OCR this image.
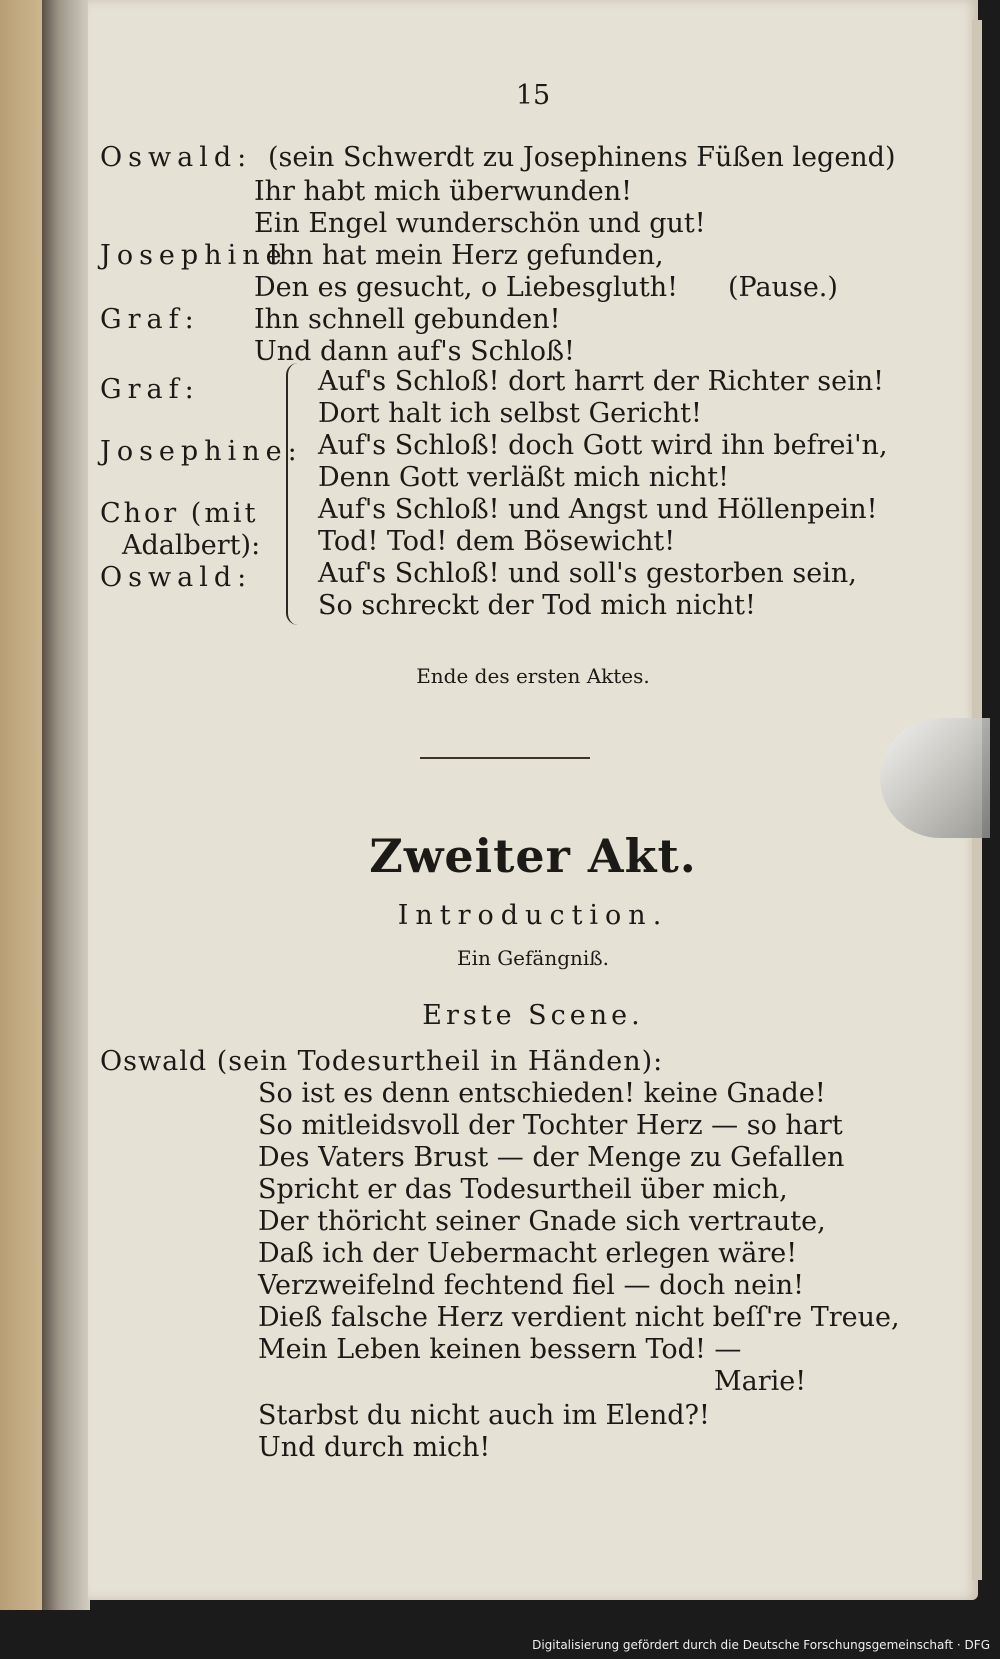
15
Oswald: (sein Schwerdt zu Josephinens Füßen legend)
Ihr habt mich überwunden!
Ein Engel wunderschön und gut!
Josephine:
Ihn hat mein Herz gefunden,
Den es gesucht, o Liebesgluth! (Pause.)
Graf: Ihn schnell gebunden!
Und dann auf's Schloß!
Graf:
Josephine:
Chor (mit
Adalbert):
Oswald:
Auf's Schloß! dort harrt der Richter sein!
Dort halt ich selbst Gericht!
Auf's Schloß! doch Gott wird ihn befrei'n,
Denn Gott verläßt mich nicht!
Auf's Schloß! und Angst und Höllenpein!
Tod! Tod! dem Bösewicht!
Auf's Schloß! und soll's gestorben sein,
So schreckt der Tod mich nicht!
Ende des ersten Aktes.
Zweiter Akt.
Introduction.
Ein Gefängniß.
Erste Scene.
Oswald (sein Todesurtheil in Händen):
So ist es denn entschieden! keine Gnade!
So mitleidsvoll der Tochter Herz — so hart
Des Vaters Brust — der Menge zu Gefallen
Spricht er das Todesurtheil über mich,
Der thöricht seiner Gnade sich vertraute,
Daß ich der Uebermacht erlegen wäre!
Verzweifelnd fechtend fiel — doch nein!
Dieß falsche Herz verdient nicht beſſ're Treue,
Mein Leben keinen bessern Tod! —
Marie!
Starbst du nicht auch im Elend?!
Und durch mich!
Digitalisierung gefördert durch die Deutsche Forschungsgemeinschaft · DFG
